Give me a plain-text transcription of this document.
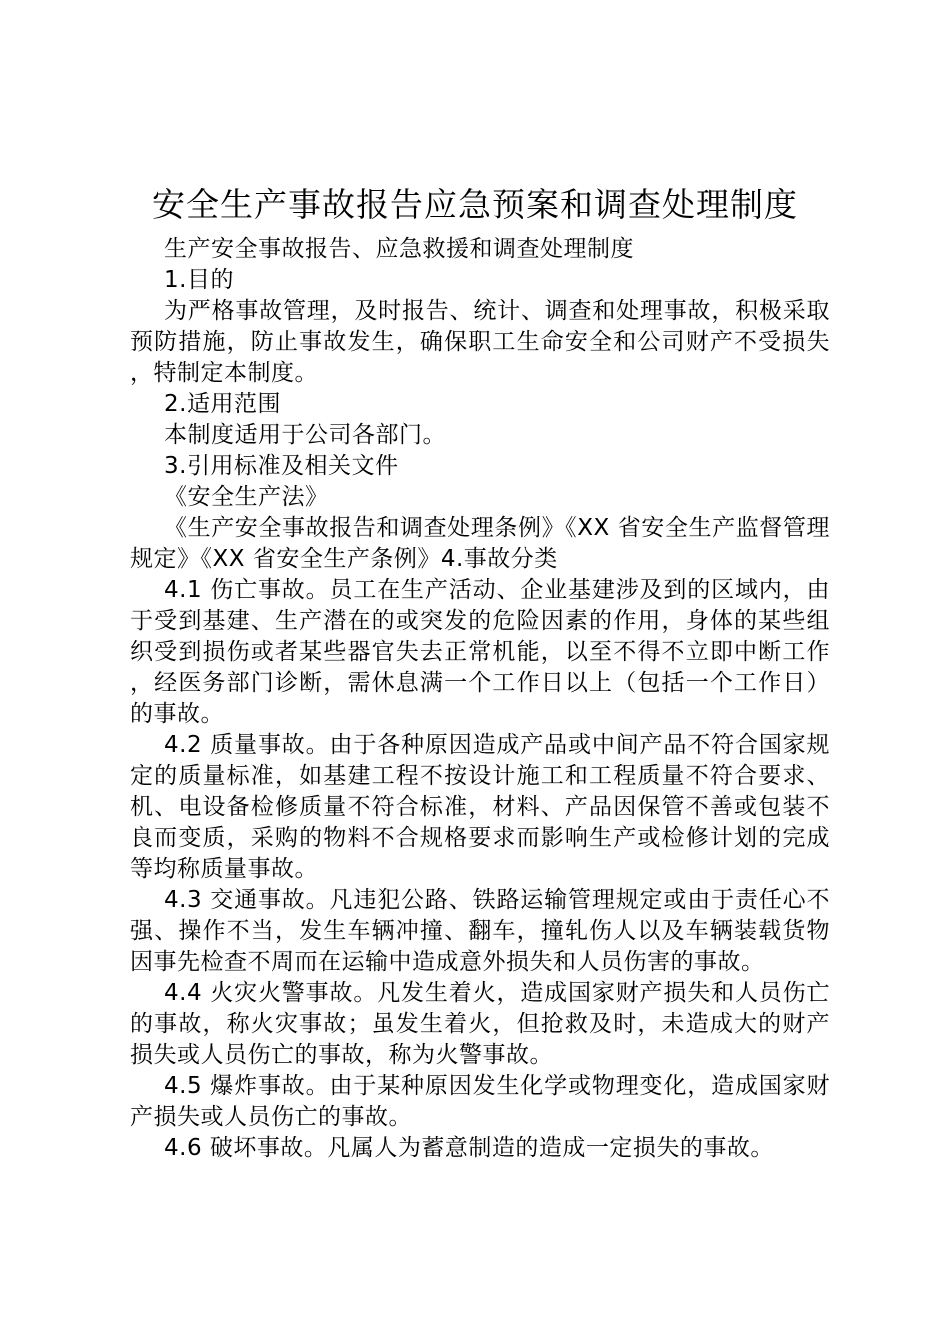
安全生产事故报告应急预案和调查处理制度

生产安全事故报告、应急救援和调查处理制度

1.目的

为严格事故管理，及时报告、统计、调查和处理事故，积极采取预防措施，防止事故发生，确保职工生命安全和公司财产不受损失，特制定本制度。

2.适用范围

本制度适用于公司各部门。

3.引用标准及相关文件

《安全生产法》

《生产安全事故报告和调查处理条例》《XX 省安全生产监督管理规定》《XX 省安全生产条例》4.事故分类

4.1 伤亡事故。员工在生产活动、企业基建涉及到的区域内，由于受到基建、生产潜在的或突发的危险因素的作用，身体的某些组织受到损伤或者某些器官失去正常机能，以至不得不立即中断工作，经医务部门诊断，需休息满一个工作日以上（包括一个工作日）的事故。

4.2 质量事故。由于各种原因造成产品或中间产品不符合国家规定的质量标准，如基建工程不按设计施工和工程质量不符合要求、机、电设备检修质量不符合标准，材料、产品因保管不善或包装不良而变质，采购的物料不合规格要求而影响生产或检修计划的完成等均称质量事故。

4.3 交通事故。凡违犯公路、铁路运输管理规定或由于责任心不强、操作不当，发生车辆冲撞、翻车，撞轧伤人以及车辆装载货物因事先检查不周而在运输中造成意外损失和人员伤害的事故。

4.4 火灾火警事故。凡发生着火，造成国家财产损失和人员伤亡的事故，称火灾事故；虽发生着火，但抢救及时，未造成大的财产损失或人员伤亡的事故，称为火警事故。

4.5 爆炸事故。由于某种原因发生化学或物理变化，造成国家财产损失或人员伤亡的事故。

4.6 破坏事故。凡属人为蓄意制造的造成一定损失的事故。
